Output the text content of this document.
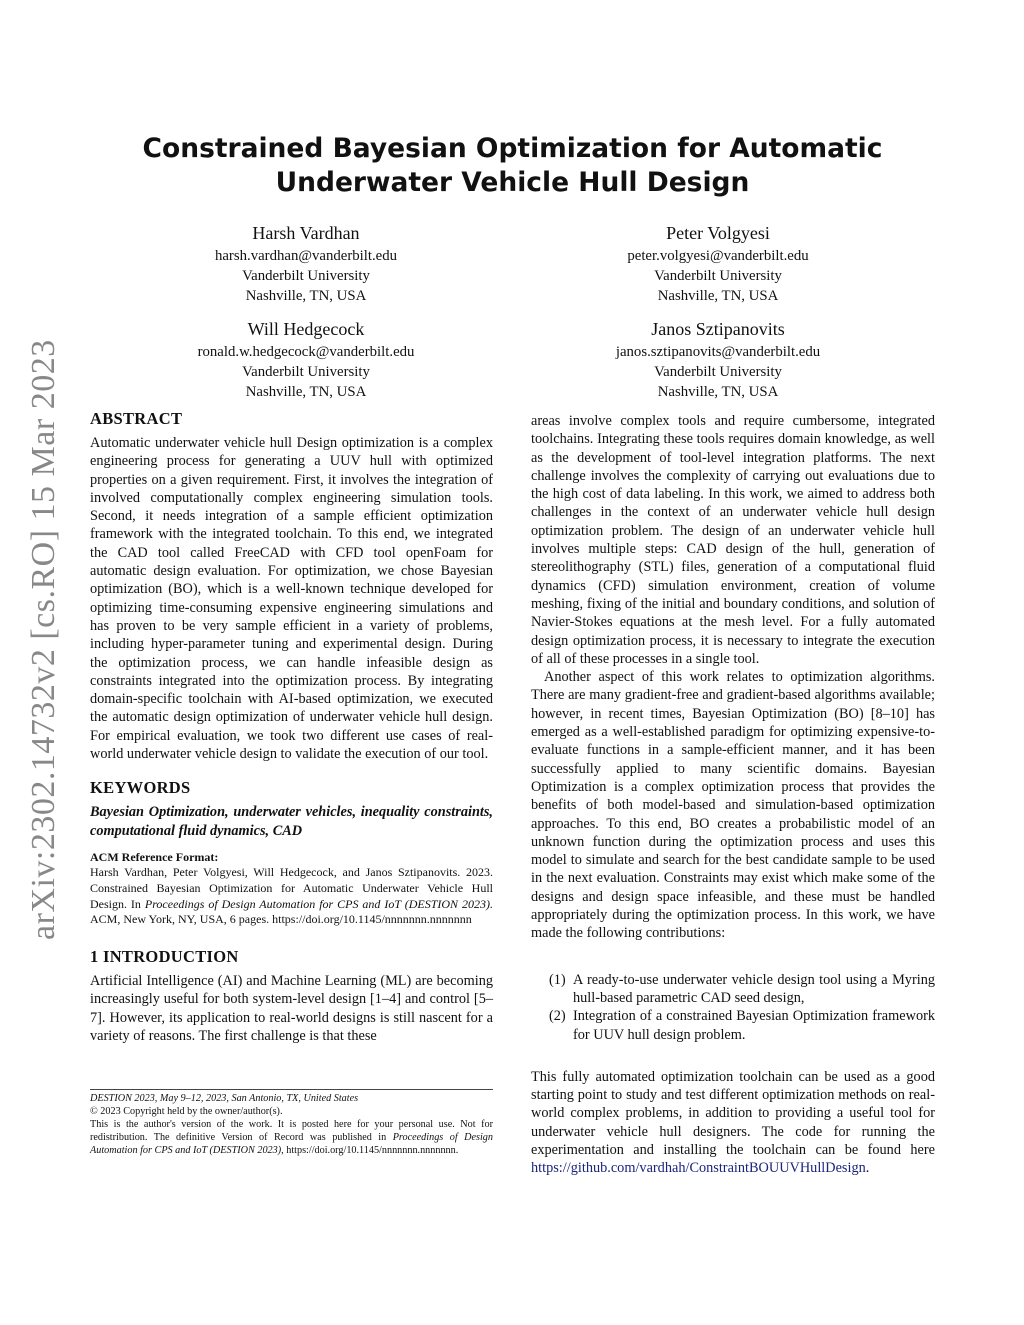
arXiv:2302.14732v2 [cs.RO] 15 Mar 2023
Constrained Bayesian Optimization for Automatic Underwater Vehicle Hull Design
Harsh Vardhan
harsh.vardhan@vanderbilt.edu
Vanderbilt University
Nashville, TN, USA
Peter Volgyesi
peter.volgyesi@vanderbilt.edu
Vanderbilt University
Nashville, TN, USA
Will Hedgecock
ronald.w.hedgecock@vanderbilt.edu
Vanderbilt University
Nashville, TN, USA
Janos Sztipanovits
janos.sztipanovits@vanderbilt.edu
Vanderbilt University
Nashville, TN, USA
ABSTRACT

Automatic underwater vehicle hull Design optimization is a complex engineering process for generating a UUV hull with optimized properties on a given requirement. First, it involves the integration of involved computationally complex engineering simulation tools. Second, it needs integration of a sample efficient optimization framework with the integrated toolchain. To this end, we integrated the CAD tool called FreeCAD with CFD tool openFoam for automatic design evaluation. For optimization, we chose Bayesian optimization (BO), which is a well-known technique developed for optimizing time-consuming expensive engineering simulations and has proven to be very sample efficient in a variety of problems, including hyper-parameter tuning and experimental design. During the optimization process, we can handle infeasible design as constraints integrated into the optimization process. By integrating domain-specific toolchain with AI-based optimization, we executed the automatic design optimization of underwater vehicle hull design. For empirical evaluation, we took two different use cases of real-world underwater vehicle design to validate the execution of our tool.

KEYWORDS

Bayesian Optimization, underwater vehicles, inequality constraints, computational fluid dynamics, CAD

ACM Reference Format:

Harsh Vardhan, Peter Volgyesi, Will Hedgecock, and Janos Sztipanovits. 2023. Constrained Bayesian Optimization for Automatic Underwater Vehicle Hull Design. In Proceedings of Design Automation for CPS and IoT (DESTION 2023). ACM, New York, NY, USA, 6 pages. https://doi.org/10.1145/nnnnnnn.nnnnnnn

1 INTRODUCTION

Artificial Intelligence (AI) and Machine Learning (ML) are becoming increasingly useful for both system-level design [1–4] and control [5–7]. However, its application to real-world designs is still nascent for a variety of reasons. The first challenge is that these

DESTION 2023, May 9–12, 2023, San Antonio, TX, United States
© 2023 Copyright held by the owner/author(s).
This is the author's version of the work. It is posted here for your personal use. Not for redistribution. The definitive Version of Record was published in Proceedings of Design Automation for CPS and IoT (DESTION 2023), https://doi.org/10.1145/nnnnnnn.nnnnnnn.

areas involve complex tools and require cumbersome, integrated toolchains. Integrating these tools requires domain knowledge, as well as the development of tool-level integration platforms. The next challenge involves the complexity of carrying out evaluations due to the high cost of data labeling. In this work, we aimed to address both challenges in the context of an underwater vehicle hull design optimization problem. The design of an underwater vehicle hull involves multiple steps: CAD design of the hull, generation of stereolithography (STL) files, generation of a computational fluid dynamics (CFD) simulation environment, creation of volume meshing, fixing of the initial and boundary conditions, and solution of Navier-Stokes equations at the mesh level. For a fully automated design optimization process, it is necessary to integrate the execution of all of these processes in a single tool.

Another aspect of this work relates to optimization algorithms. There are many gradient-free and gradient-based algorithms available; however, in recent times, Bayesian Optimization (BO) [8–10] has emerged as a well-established paradigm for optimizing expensive-to-evaluate functions in a sample-efficient manner, and it has been successfully applied to many scientific domains. Bayesian Optimization is a complex optimization process that provides the benefits of both model-based and simulation-based optimization approaches. To this end, BO creates a probabilistic model of an unknown function during the optimization process and uses this model to simulate and search for the best candidate sample to be used in the next evaluation. Constraints may exist which make some of the designs and design space infeasible, and these must be handled appropriately during the optimization process. In this work, we have made the following contributions:

(1) A ready-to-use underwater vehicle design tool using a Myring hull-based parametric CAD seed design,
(2) Integration of a constrained Bayesian Optimization framework for UUV hull design problem.

This fully automated optimization toolchain can be used as a good starting point to study and test different optimization methods on real-world complex problems, in addition to providing a useful tool for underwater vehicle hull designers. The code for running the experimentation and installing the toolchain can be found here https://github.com/vardhah/ConstraintBOUUVHullDesign.
